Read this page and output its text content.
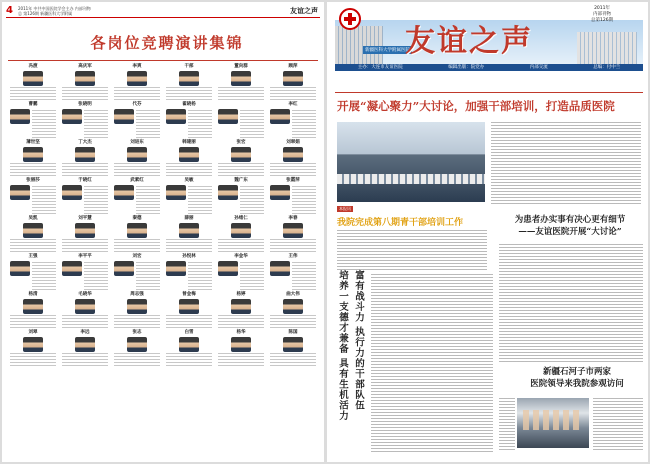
4 2011年 中共中国医院学会主办 内部刊物
总 第126期 新疆医科大学附属	友谊之声
各岗位竞聘演讲集锦
冯渡	高庆军	李爽	干部	董向群	顾萍
曹鹏	张晓明	代芬	翟晓杨	李红
薄世坚	丁大杰	刘进东	韩建丽	张宏	刘翠娟
张丽莎	于晓红	武素红	吴敏	魏广东	张霞萍
吴凯	刘平慧	秦德	薛丽	孙绪仁	李春
王强	李平平	刘宏	孙悦林	李金华	王伟
杨清	毛晓华	周志强	曾金梅	杨婷	曲大伟
刘翠	李远	张志	白雪	杨华	陈国
新疆医科大学附属医院
友谊之声
2011年
内部刊物
总第126期
主办：大连市友谊医院	编辑出版：院党办	内部交流	总编：付中兰
开展“凝心聚力”大讨论，加强干部培训，打造品质医院
本报讯
我院完成第八期青干部培训工作	为患者办实事有决心更有细节
——友谊医院开展“大讨论”
富有战斗力 执行力的干部队伍
培养一支德才兼备 具有生机活力	新疆石河子市两家
医院领导来我院参观访问
